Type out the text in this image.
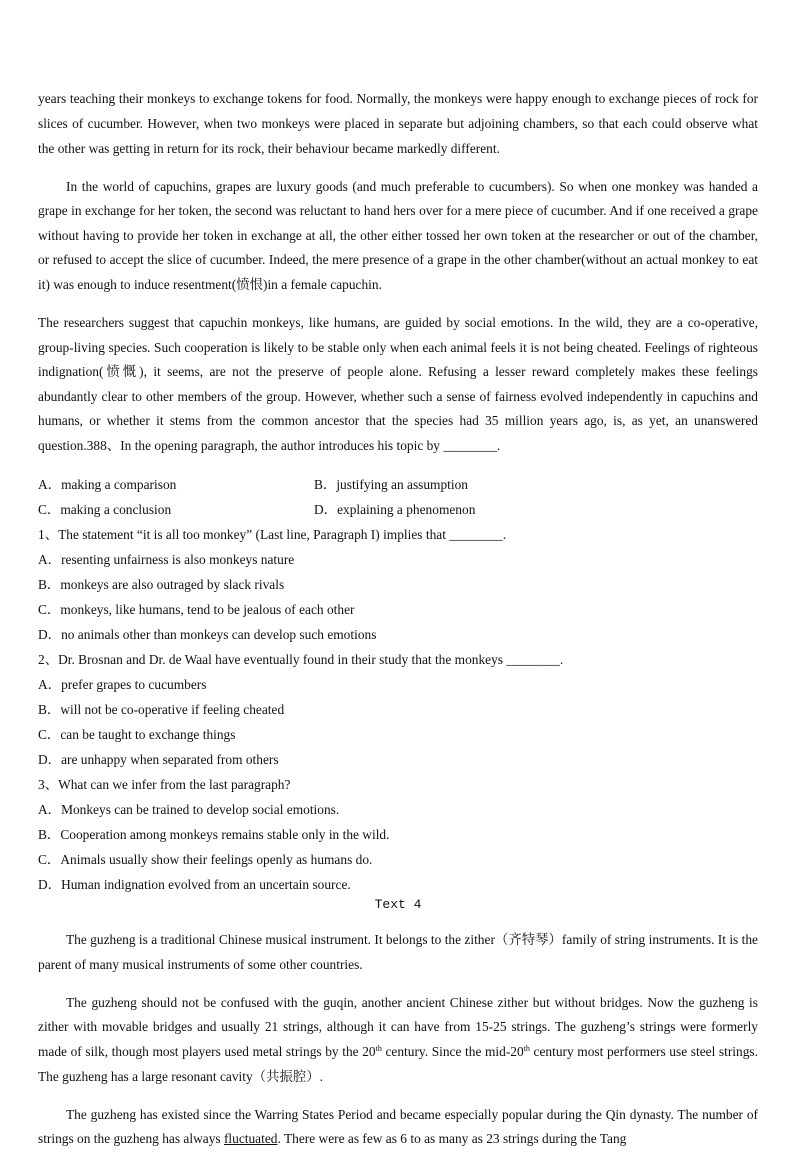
years teaching their monkeys to exchange tokens for food. Normally, the monkeys were happy enough to exchange pieces of rock for slices of cucumber. However, when two monkeys were placed in separate but adjoining chambers, so that each could observe what the other was getting in return for its rock, their behaviour became markedly different.

In the world of capuchins, grapes are luxury goods (and much preferable to cucumbers). So when one monkey was handed a grape in exchange for her token, the second was reluctant to hand hers over for a mere piece of cucumber. And if one received a grape without having to provide her token in exchange at all, the other either tossed her own token at the researcher or out of the chamber, or refused to accept the slice of cucumber. Indeed, the mere presence of a grape in the other chamber(without an actual monkey to eat it) was enough to induce resentment(愤恨)in a female capuchin.

The researchers suggest that capuchin monkeys, like humans, are guided by social emotions. In the wild, they are a co-operative, group-living species. Such cooperation is likely to be stable only when each animal feels it is not being cheated. Feelings of righteous indignation(愤慨), it seems, are not the preserve of people alone. Refusing a lesser reward completely makes these feelings abundantly clear to other members of the group. However, whether such a sense of fairness evolved independently in capuchins and humans, or whether it stems from the common ancestor that the species had 35 million years ago, is, as yet, an unanswered question.388、In the opening paragraph, the author introduces his topic by ________.

A．making a comparison	B．justifying an assumption
C．making a conclusion	D．explaining a phenomenon
1、The statement “it is all too monkey” (Last line, Paragraph I) implies that ________.
A．resenting unfairness is also monkeys nature
B．monkeys are also outraged by slack rivals
C．monkeys, like humans, tend to be jealous of each other
D．no animals other than monkeys can develop such emotions
2、Dr. Brosnan and Dr. de Waal have eventually found in their study that the monkeys ________.
A．prefer grapes to cucumbers
B．will not be co-operative if feeling cheated
C．can be taught to exchange things
D．are unhappy when separated from others
3、What can we infer from the last paragraph?
A．Monkeys can be trained to develop social emotions.
B．Cooperation among monkeys remains stable only in the wild.
C．Animals usually show their feelings openly as humans do.
D．Human indignation evolved from an uncertain source.
Text 4

The guzheng is a traditional Chinese musical instrument. It belongs to the zither（齐特琴）family of string instruments. It is the parent of many musical instruments of some other countries.

The guzheng should not be confused with the guqin, another ancient Chinese zither but without bridges. Now the guzheng is zither with movable bridges and usually 21 strings, although it can have from 15-25 strings. The guzheng’s strings were formerly made of silk, though most players used metal strings by the 20th century. Since the mid-20th century most performers use steel strings. The guzheng has a large resonant cavity（共振腔）.

The guzheng has existed since the Warring States Period and became especially popular during the Qin dynasty. The number of strings on the guzheng has always fluctuated. There were as few as 6 to as many as 23 strings during the Tang
